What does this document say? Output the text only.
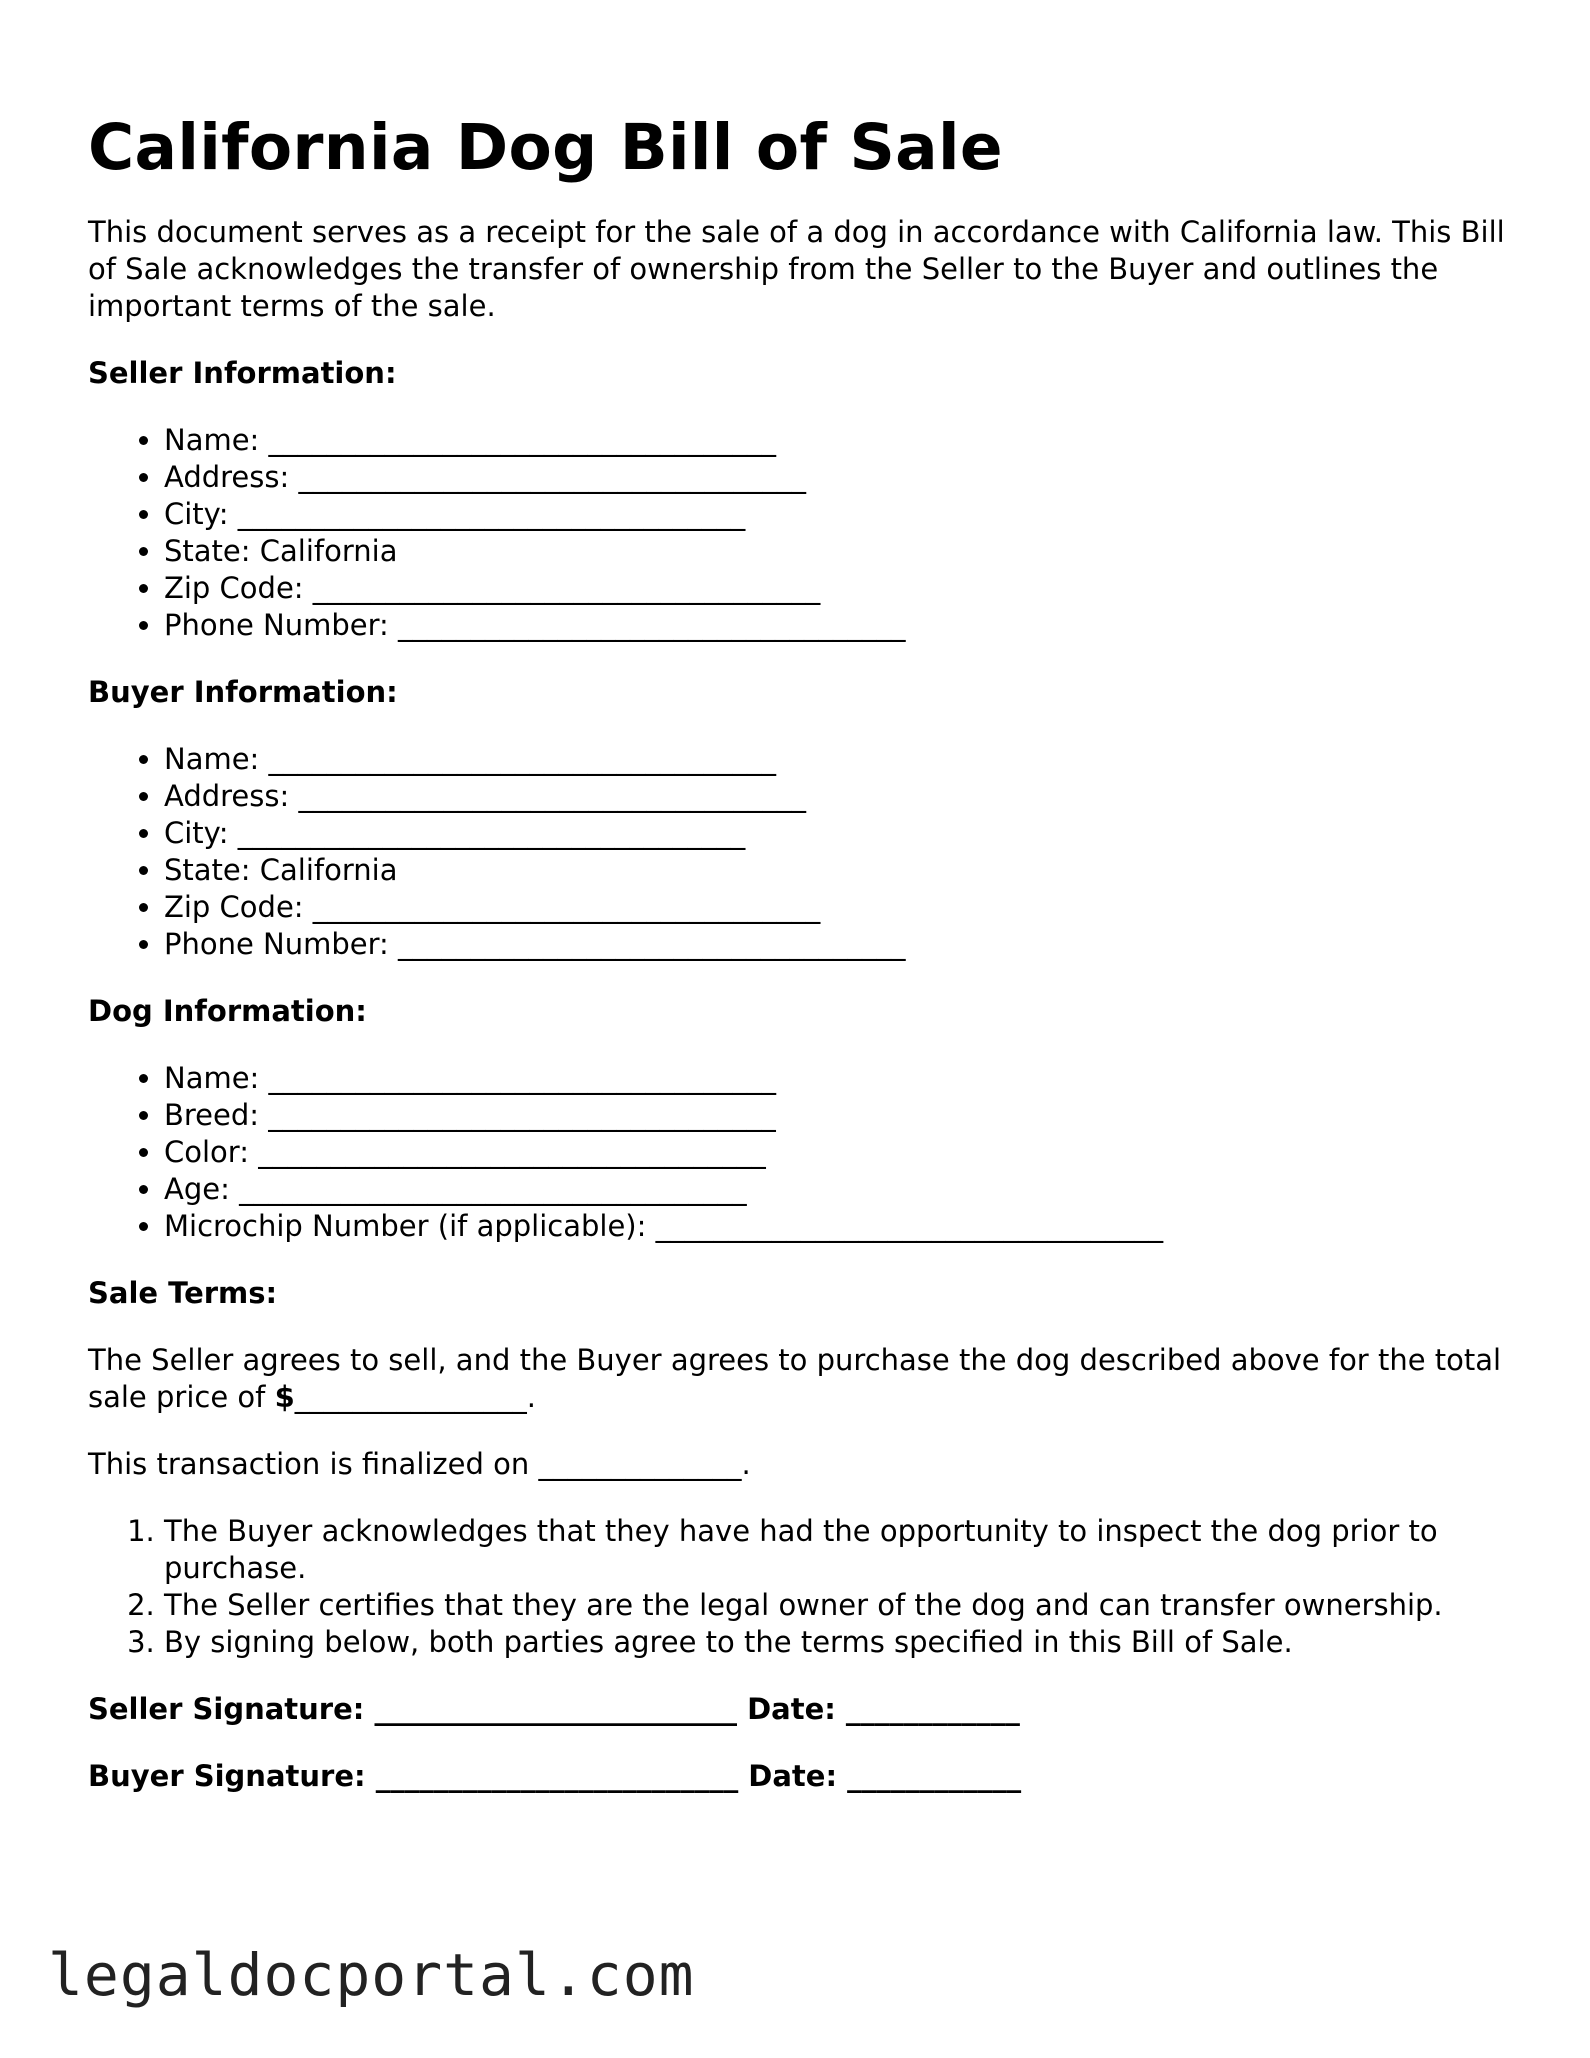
California Dog Bill of Sale

This document serves as a receipt for the sale of a dog in accordance with California law. This Bill of Sale acknowledges the transfer of ownership from the Seller to the Buyer and outlines the important terms of the sale.

Seller Information:
• Name: ___________________________________
• Address: ___________________________________
• City: ___________________________________
• State: California
• Zip Code: ___________________________________
• Phone Number: ___________________________________
Buyer Information:
• Name: ___________________________________
• Address: ___________________________________
• City: ___________________________________
• State: California
• Zip Code: ___________________________________
• Phone Number: ___________________________________
Dog Information:
• Name: ___________________________________
• Breed: ___________________________________
• Color: ___________________________________
• Age: ___________________________________
• Microchip Number (if applicable): ___________________________________
Sale Terms:

The Seller agrees to sell, and the Buyer agrees to purchase the dog described above for the total sale price of $________________.

This transaction is finalized on ______________.

1. The Buyer acknowledges that they have had the opportunity to inspect the dog prior to purchase.
2. The Seller certifies that they are the legal owner of the dog and can transfer ownership.
3. By signing below, both parties agree to the terms specified in this Bill of Sale.
Seller Signature: _________________________ Date: ____________
Buyer Signature: _________________________ Date: ____________
legaldocportal.com
